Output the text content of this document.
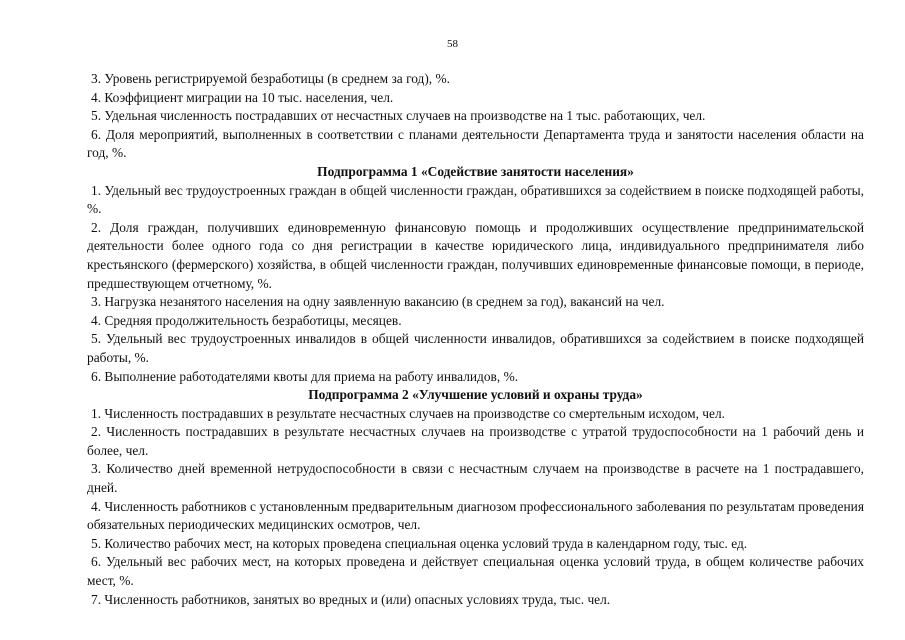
58

3. Уровень регистрируемой безработицы (в среднем за год), %.

4. Коэффициент миграции на 10 тыс. населения, чел.

5. Удельная численность пострадавших от несчастных случаев на производстве на 1 тыс. работающих, чел.

6. Доля мероприятий, выполненных в соответствии с планами деятельности Департамента труда и занятости населения области на год, %.

Подпрограмма 1 «Содействие занятости населения»

1. Удельный вес трудоустроенных граждан в общей численности граждан, обратившихся за содействием в поиске подходящей работы, %.

2. Доля граждан, получивших единовременную финансовую помощь и продолживших осуществление предпринимательской деятельности более одного года со дня регистрации в качестве юридического лица, индивидуального предпринимателя либо крестьянского (фермерского) хозяйства, в общей численности граждан, получивших единовременные финансовые помощи, в периоде, предшествующем отчетному, %.

3. Нагрузка незанятого населения на одну заявленную вакансию (в среднем за год), вакансий на чел.

4. Средняя продолжительность безработицы, месяцев.

5. Удельный вес трудоустроенных инвалидов в общей численности инвалидов, обратившихся за содействием в поиске подходящей работы, %.

6. Выполнение работодателями квоты для приема на работу инвалидов, %.

Подпрограмма 2 «Улучшение условий и охраны труда»

1. Численность пострадавших в результате несчастных случаев на производстве со смертельным исходом, чел.

2. Численность пострадавших в результате несчастных случаев на производстве с утратой трудоспособности на 1 рабочий день и более, чел.

3. Количество дней временной нетрудоспособности в связи с несчастным случаем на производстве в расчете на 1 пострадавшего, дней.

4. Численность работников с установленным предварительным диагнозом профессионального заболевания по результатам проведения обязательных периодических медицинских осмотров, чел.

5. Количество рабочих мест, на которых проведена специальная оценка условий труда в календарном году, тыс. ед.

6. Удельный вес рабочих мест, на которых проведена и действует специальная оценка условий труда, в общем количестве рабочих мест, %.

7. Численность работников, занятых во вредных и (или) опасных условиях труда, тыс. чел.
